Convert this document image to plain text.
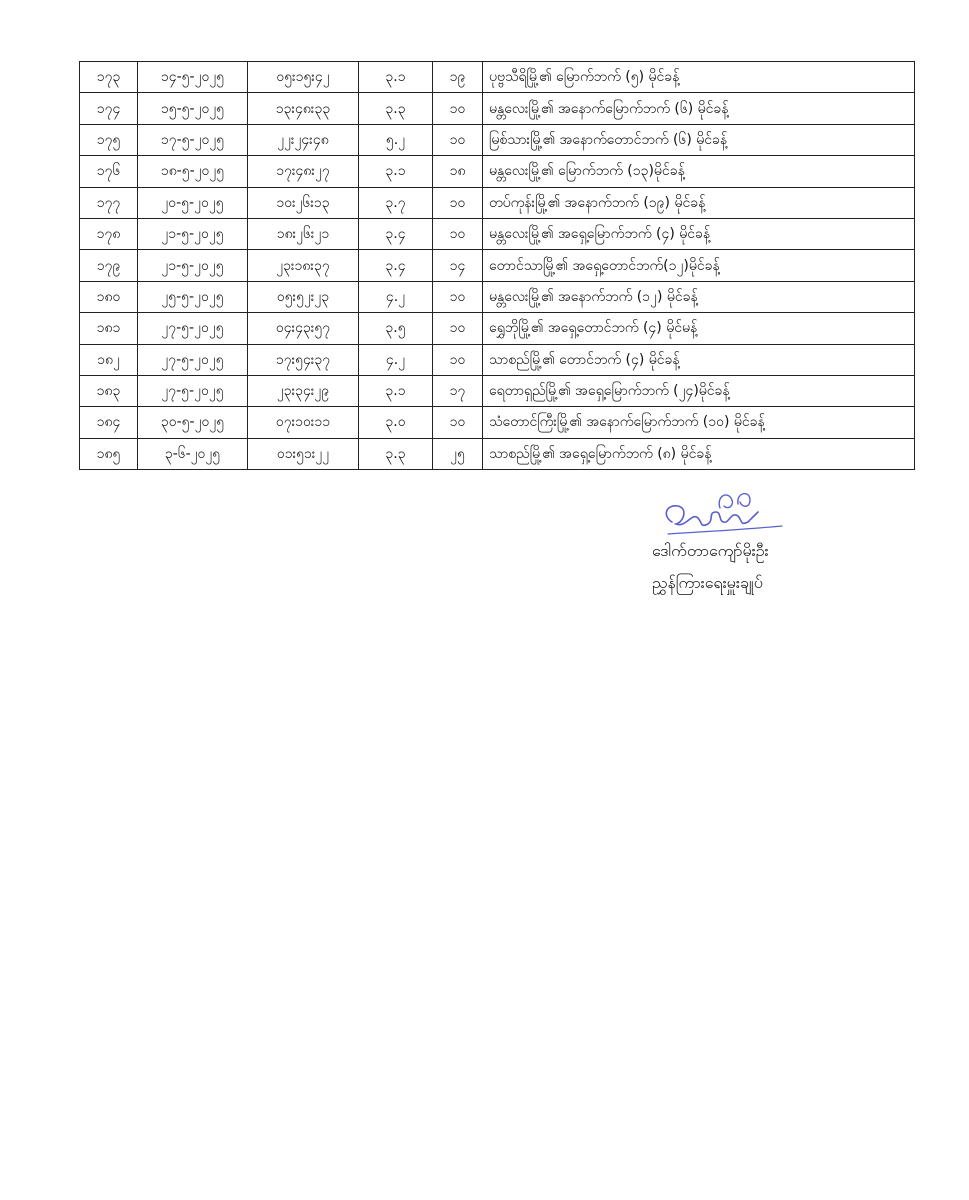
၁၇၃	၁၄-၅-၂၀၂၅	၀၅း၁၅း၄၂	၃.၁	၁၉	ပုဗ္ဗသီရိမြို့၏ မြောက်ဘက် (၅) မိုင်ခန့်
၁၇၄	၁၅-၅-၂၀၂၅	၁၃း၄၈း၃၃	၃.၃	၁၀	မန္တလေးမြို့၏ အနောက်မြောက်ဘက် (၆) မိုင်ခန့်
၁၇၅	၁၇-၅-၂၀၂၅	၂၂း၂၄း၄၈	၅.၂	၁၀	မြစ်သားမြို့၏ အနောက်တောင်ဘက် (၆) မိုင်ခန့်
၁၇၆	၁၈-၅-၂၀၂၅	၁၇း၄၈း၂၇	၃.၁	၁၈	မန္တလေးမြို့၏ မြောက်ဘက် (၁၃)မိုင်ခန့်
၁၇၇	၂၀-၅-၂၀၂၅	၁၀း၂၆း၁၃	၃.၇	၁၀	တပ်ကုန်းမြို့၏ အနောက်ဘက် (၁၉) မိုင်ခန့်
၁၇၈	၂၁-၅-၂၀၂၅	၁၈း၂၆း၂၁	၃.၄	၁၀	မန္တလေးမြို့၏ အရှေ့မြောက်ဘက် (၄) မိုင်ခန့်
၁၇၉	၂၁-၅-၂၀၂၅	၂၃း၁၈း၃၇	၃.၄	၁၄	တောင်သာမြို့၏ အရှေ့တောင်ဘက်(၁၂)မိုင်ခန့်
၁၈၀	၂၅-၅-၂၀၂၅	၀၅း၅၂း၂၃	၄.၂	၁၀	မန္တလေးမြို့၏ အနောက်ဘက် (၁၂) မိုင်ခန့်
၁၈၁	၂၇-၅-၂၀၂၅	၀၄း၄၃း၅၇	၃.၅	၁၀	ရွှေဘိုမြို့၏ အရှေ့တောင်ဘက် (၄) မိုင်မန့်
၁၈၂	၂၇-၅-၂၀၂၅	၁၇း၅၄း၃၇	၄.၂	၁၀	သာစည်မြို့၏ တောင်ဘက် (၄) မိုင်ခန့်
၁၈၃	၂၇-၅-၂၀၂၅	၂၃း၃၄း၂၉	၃.၁	၁၇	ရေတာရှည်မြို့၏ အရှေ့မြောက်ဘက် (၂၄)မိုင်ခန့်
၁၈၄	၃၀-၅-၂၀၂၅	၀၇း၁၀း၁၁	၃.၀	၁၀	သံတောင်ကြီးမြို့၏ အနောက်မြောက်ဘက် (၁၀) မိုင်ခန့်
၁၈၅	၃-၆-၂၀၂၅	၀၁း၅၁း၂၂	၃.၃	၂၅	သာစည်မြို့၏ အရှေ့မြောက်ဘက် (၈) မိုင်ခန့်
ဒေါက်တာကျော်မိုးဦး
ညွှန်ကြားရေးမှူးချုပ်
